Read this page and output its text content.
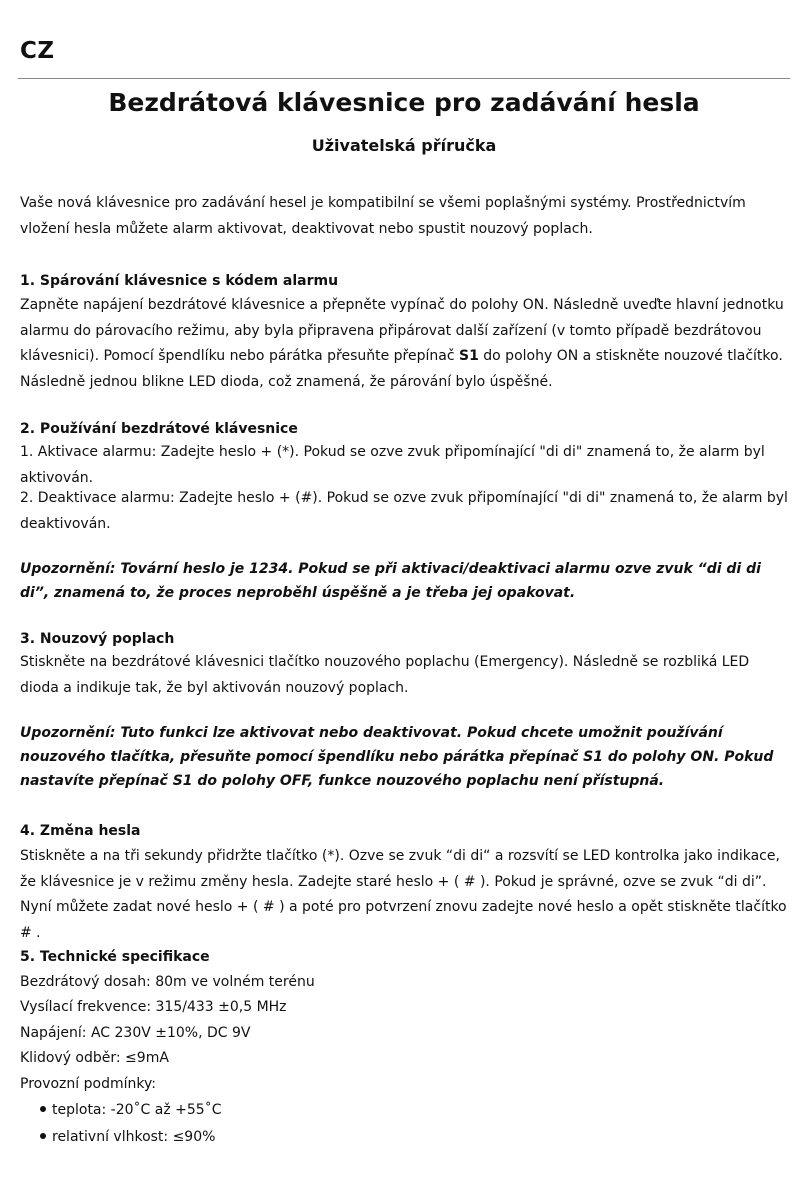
CZ
Bezdrátová klávesnice pro zadávání hesla
Uživatelská příručka
Vaše nová klávesnice pro zadávání hesel je kompatibilní se všemi poplašnými systémy. Prostřednictvím vložení hesla můžete alarm aktivovat, deaktivovat nebo spustit nouzový poplach.
1. Spárování klávesnice s kódem alarmu
Zapněte napájení bezdrátové klávesnice a přepněte vypínač do polohy ON. Následně uveďte hlavní jednotku alarmu do párovacího režimu, aby byla připravena připárovat další zařízení (v tomto případě bezdrátovou klávesnici). Pomocí špendlíku nebo párátka přesuňte přepínač S1 do polohy ON a stiskněte nouzové tlačítko. Následně jednou blikne LED dioda, což znamená, že párování bylo úspěšné.
2. Používání bezdrátové klávesnice
1. Aktivace alarmu: Zadejte heslo + (*). Pokud se ozve zvuk připomínající "di di" znamená to, že alarm byl aktivován.
2. Deaktivace alarmu: Zadejte heslo + (#). Pokud se ozve zvuk připomínající "di di" znamená to, že alarm byl deaktivován.
Upozornění: Tovární heslo je 1234. Pokud se při aktivaci/deaktivaci alarmu ozve zvuk “di di di di”, znamená to, že proces neproběhl úspěšně a je třeba jej opakovat.
3. Nouzový poplach
Stiskněte na bezdrátové klávesnici tlačítko nouzového poplachu (Emergency). Následně se rozbliká LED dioda a indikuje tak, že byl aktivován nouzový poplach.
Upozornění: Tuto funkci lze aktivovat nebo deaktivovat. Pokud chcete umožnit používání nouzového tlačítka, přesuňte pomocí špendlíku nebo párátka přepínač S1 do polohy ON. Pokud nastavíte přepínač S1 do polohy OFF, funkce nouzového poplachu není přístupná.
4. Změna hesla
Stiskněte a na tři sekundy přidržte tlačítko (*). Ozve se zvuk “di di“ a rozsvítí se LED kontrolka jako indikace, že klávesnice je v režimu změny hesla. Zadejte staré heslo + ( # ). Pokud je správné, ozve se zvuk “di di”. Nyní můžete zadat nové heslo + ( # ) a poté pro potvrzení znovu zadejte nové heslo a opět stiskněte tlačítko # .
5. Technické specifikace
Bezdrátový dosah: 80m ve volném terénu
Vysílací frekvence: 315/433 ±0,5 MHz
Napájení: AC 230V ±10%, DC 9V
Klidový odběr: ≤9mA
Provozní podmínky:
teplota: -20˚C až +55˚C
relativní vlhkost: ≤90%
